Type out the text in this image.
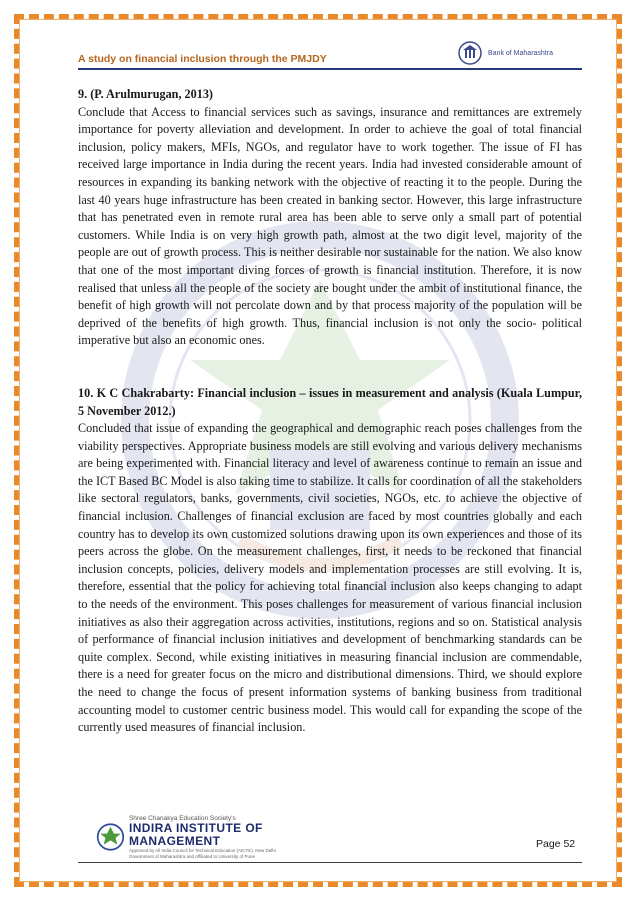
A study on financial inclusion through the PMJDY	Bank of Maharashtra

9. (P. Arulmurugan, 2013)

Conclude that Access to financial services such as savings, insurance and remittances are extremely importance for poverty alleviation and development. In order to achieve the goal of total financial inclusion, policy makers, MFIs, NGOs, and regulator have to work together. The issue of FI has received large importance in India during the recent years. India had invested considerable amount of resources in expanding its banking network with the objective of reacting it to the people. During the last 40 years huge infrastructure has been created in banking sector. However, this large infrastructure that has penetrated even in remote rural area has been able to serve only a small part of potential customers. While India is on very high growth path, almost at the two digit level, majority of the people are out of growth process. This is neither desirable nor sustainable for the nation. We also know that one of the most important diving forces of growth is financial institution. Therefore, it is now realised that unless all the people of the society are bought under the ambit of institutional finance, the benefit of high growth will not percolate down and by that process majority of the population will be deprived of the benefits of high growth. Thus, financial inclusion is not only the socio- political imperative but also an economic ones.

10. K C Chakrabarty: Financial inclusion – issues in measurement and analysis (Kuala Lumpur, 5 November 2012.)

Concluded that issue of expanding the geographical and demographic reach poses challenges from the viability perspectives. Appropriate business models are still evolving and various delivery mechanisms are being experimented with. Financial literacy and level of awareness continue to remain an issue and the ICT Based BC Model is also taking time to stabilize. It calls for coordination of all the stakeholders like sectoral regulators, banks, governments, civil societies, NGOs, etc. to achieve the objective of financial inclusion. Challenges of financial exclusion are faced by most countries globally and each country has to develop its own customized solutions drawing upon its own experiences and those of its peers across the globe. On the measurement challenges, first, it needs to be reckoned that financial inclusion concepts, policies, delivery models and implementation processes are still evolving. It is, therefore, essential that the policy for achieving total financial inclusion also keeps changing to adapt to the needs of the environment. This poses challenges for measurement of various financial inclusion initiatives as also their aggregation across activities, institutions, regions and so on. Statistical analysis of performance of financial inclusion initiatives and development of benchmarking standards can be quite complex. Second, while existing initiatives in measuring financial inclusion are commendable, there is a need for greater focus on the micro and distributional dimensions. Third, we should explore the need to change the focus of present information systems of banking business from traditional accounting model to customer centric business model. This would call for expanding the scope of the currently used measures of financial inclusion.

Shree Chanakya Education Society's
INDIRA INSTITUTE OF MANAGEMENT
Approved by All India Council for Technical Education (AICTE), New Delhi
Government of Maharashtra and Affiliated to University of Pune
Page 52
